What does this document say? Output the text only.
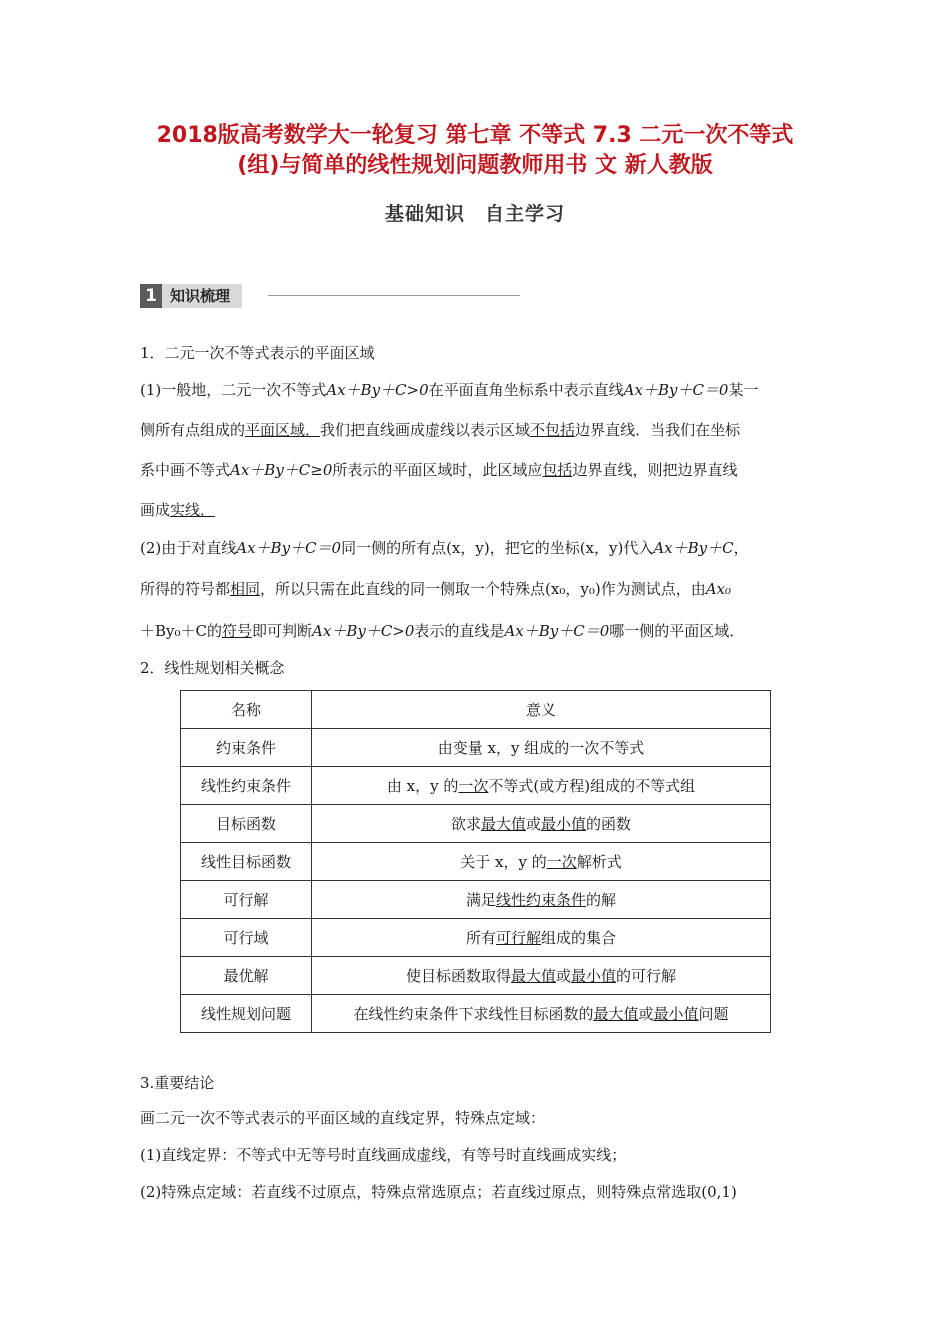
2018版高考数学大一轮复习 第七章 不等式 7.3 二元一次不等式
(组)与简单的线性规划问题教师用书 文 新人教版
基础知识　自主学习
1 知识梳理
1．二元一次不等式表示的平面区域
(1)一般地，二元一次不等式Ax＋By＋C>0在平面直角坐标系中表示直线Ax＋By＋C＝0某一
侧所有点组成的平面区域．我们把直线画成虚线以表示区域不包括边界直线．当我们在坐标
系中画不等式Ax＋By＋C≥0所表示的平面区域时，此区域应包括边界直线，则把边界直线
画成实线．
(2)由于对直线Ax＋By＋C＝0同一侧的所有点(x，y)，把它的坐标(x，y)代入Ax＋By＋C，
所得的符号都相同，所以只需在此直线的同一侧取一个特殊点(x₀，y₀)作为测试点，由Ax₀
＋By₀＋C的符号即可判断Ax＋By＋C>0表示的直线是Ax＋By＋C＝0哪一侧的平面区域．
2．线性规划相关概念
名称	意义
约束条件	由变量 x，y 组成的一次不等式
线性约束条件	由 x，y 的一次不等式(或方程)组成的不等式组
目标函数	欲求最大值或最小值的函数
线性目标函数	关于 x，y 的一次解析式
可行解	满足线性约束条件的解
可行域	所有可行解组成的集合
最优解	使目标函数取得最大值或最小值的可行解
线性规划问题	在线性约束条件下求线性目标函数的最大值或最小值问题
3.重要结论
画二元一次不等式表示的平面区域的直线定界，特殊点定域：
(1)直线定界：不等式中无等号时直线画成虚线，有等号时直线画成实线；
(2)特殊点定域：若直线不过原点，特殊点常选原点；若直线过原点，则特殊点常选取(0,1)
